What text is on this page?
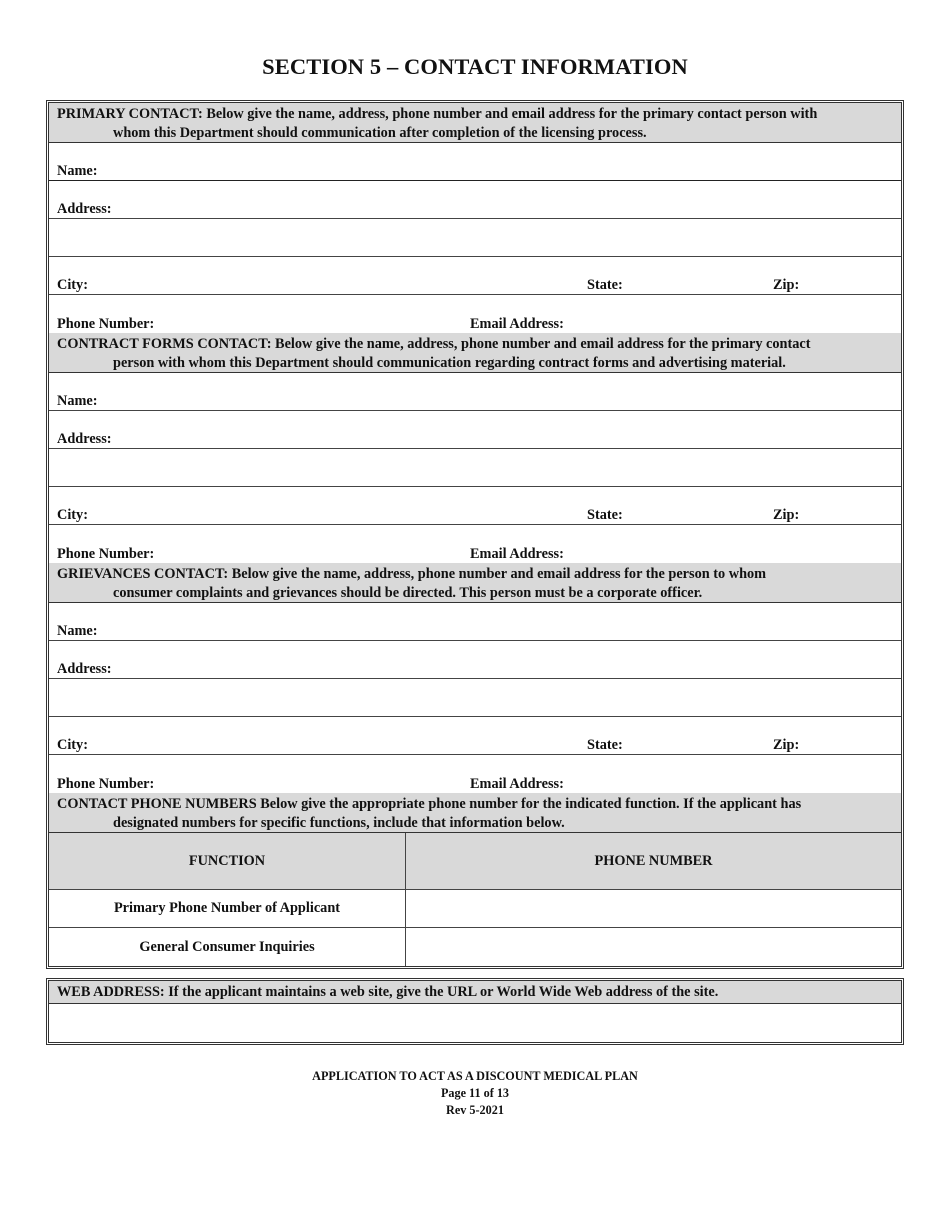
SECTION 5 – CONTACT INFORMATION
PRIMARY CONTACT: Below give the name, address, phone number and email address for the primary contact person with
whom this Department should communication after completion of the licensing process.
Name:
Address:
City:	State:	Zip:
Phone Number:	Email Address:
CONTRACT FORMS CONTACT: Below give the name, address, phone number and email address for the primary contact
person with whom this Department should communication regarding contract forms and advertising material.
Name:
Address:
City:	State:	Zip:
Phone Number:	Email Address:
GRIEVANCES CONTACT: Below give the name, address, phone number and email address for the person to whom
consumer complaints and grievances should be directed. This person must be a corporate officer.
Name:
Address:
City:	State:	Zip:
Phone Number:	Email Address:
CONTACT PHONE NUMBERS Below give the appropriate phone number for the indicated function. If the applicant has
designated numbers for specific functions, include that information below.
FUNCTION	PHONE NUMBER
Primary Phone Number of Applicant
General Consumer Inquiries
WEB ADDRESS: If the applicant maintains a web site, give the URL or World Wide Web address of the site.
APPLICATION TO ACT AS A DISCOUNT MEDICAL PLAN
Page 11 of 13
Rev 5-2021
